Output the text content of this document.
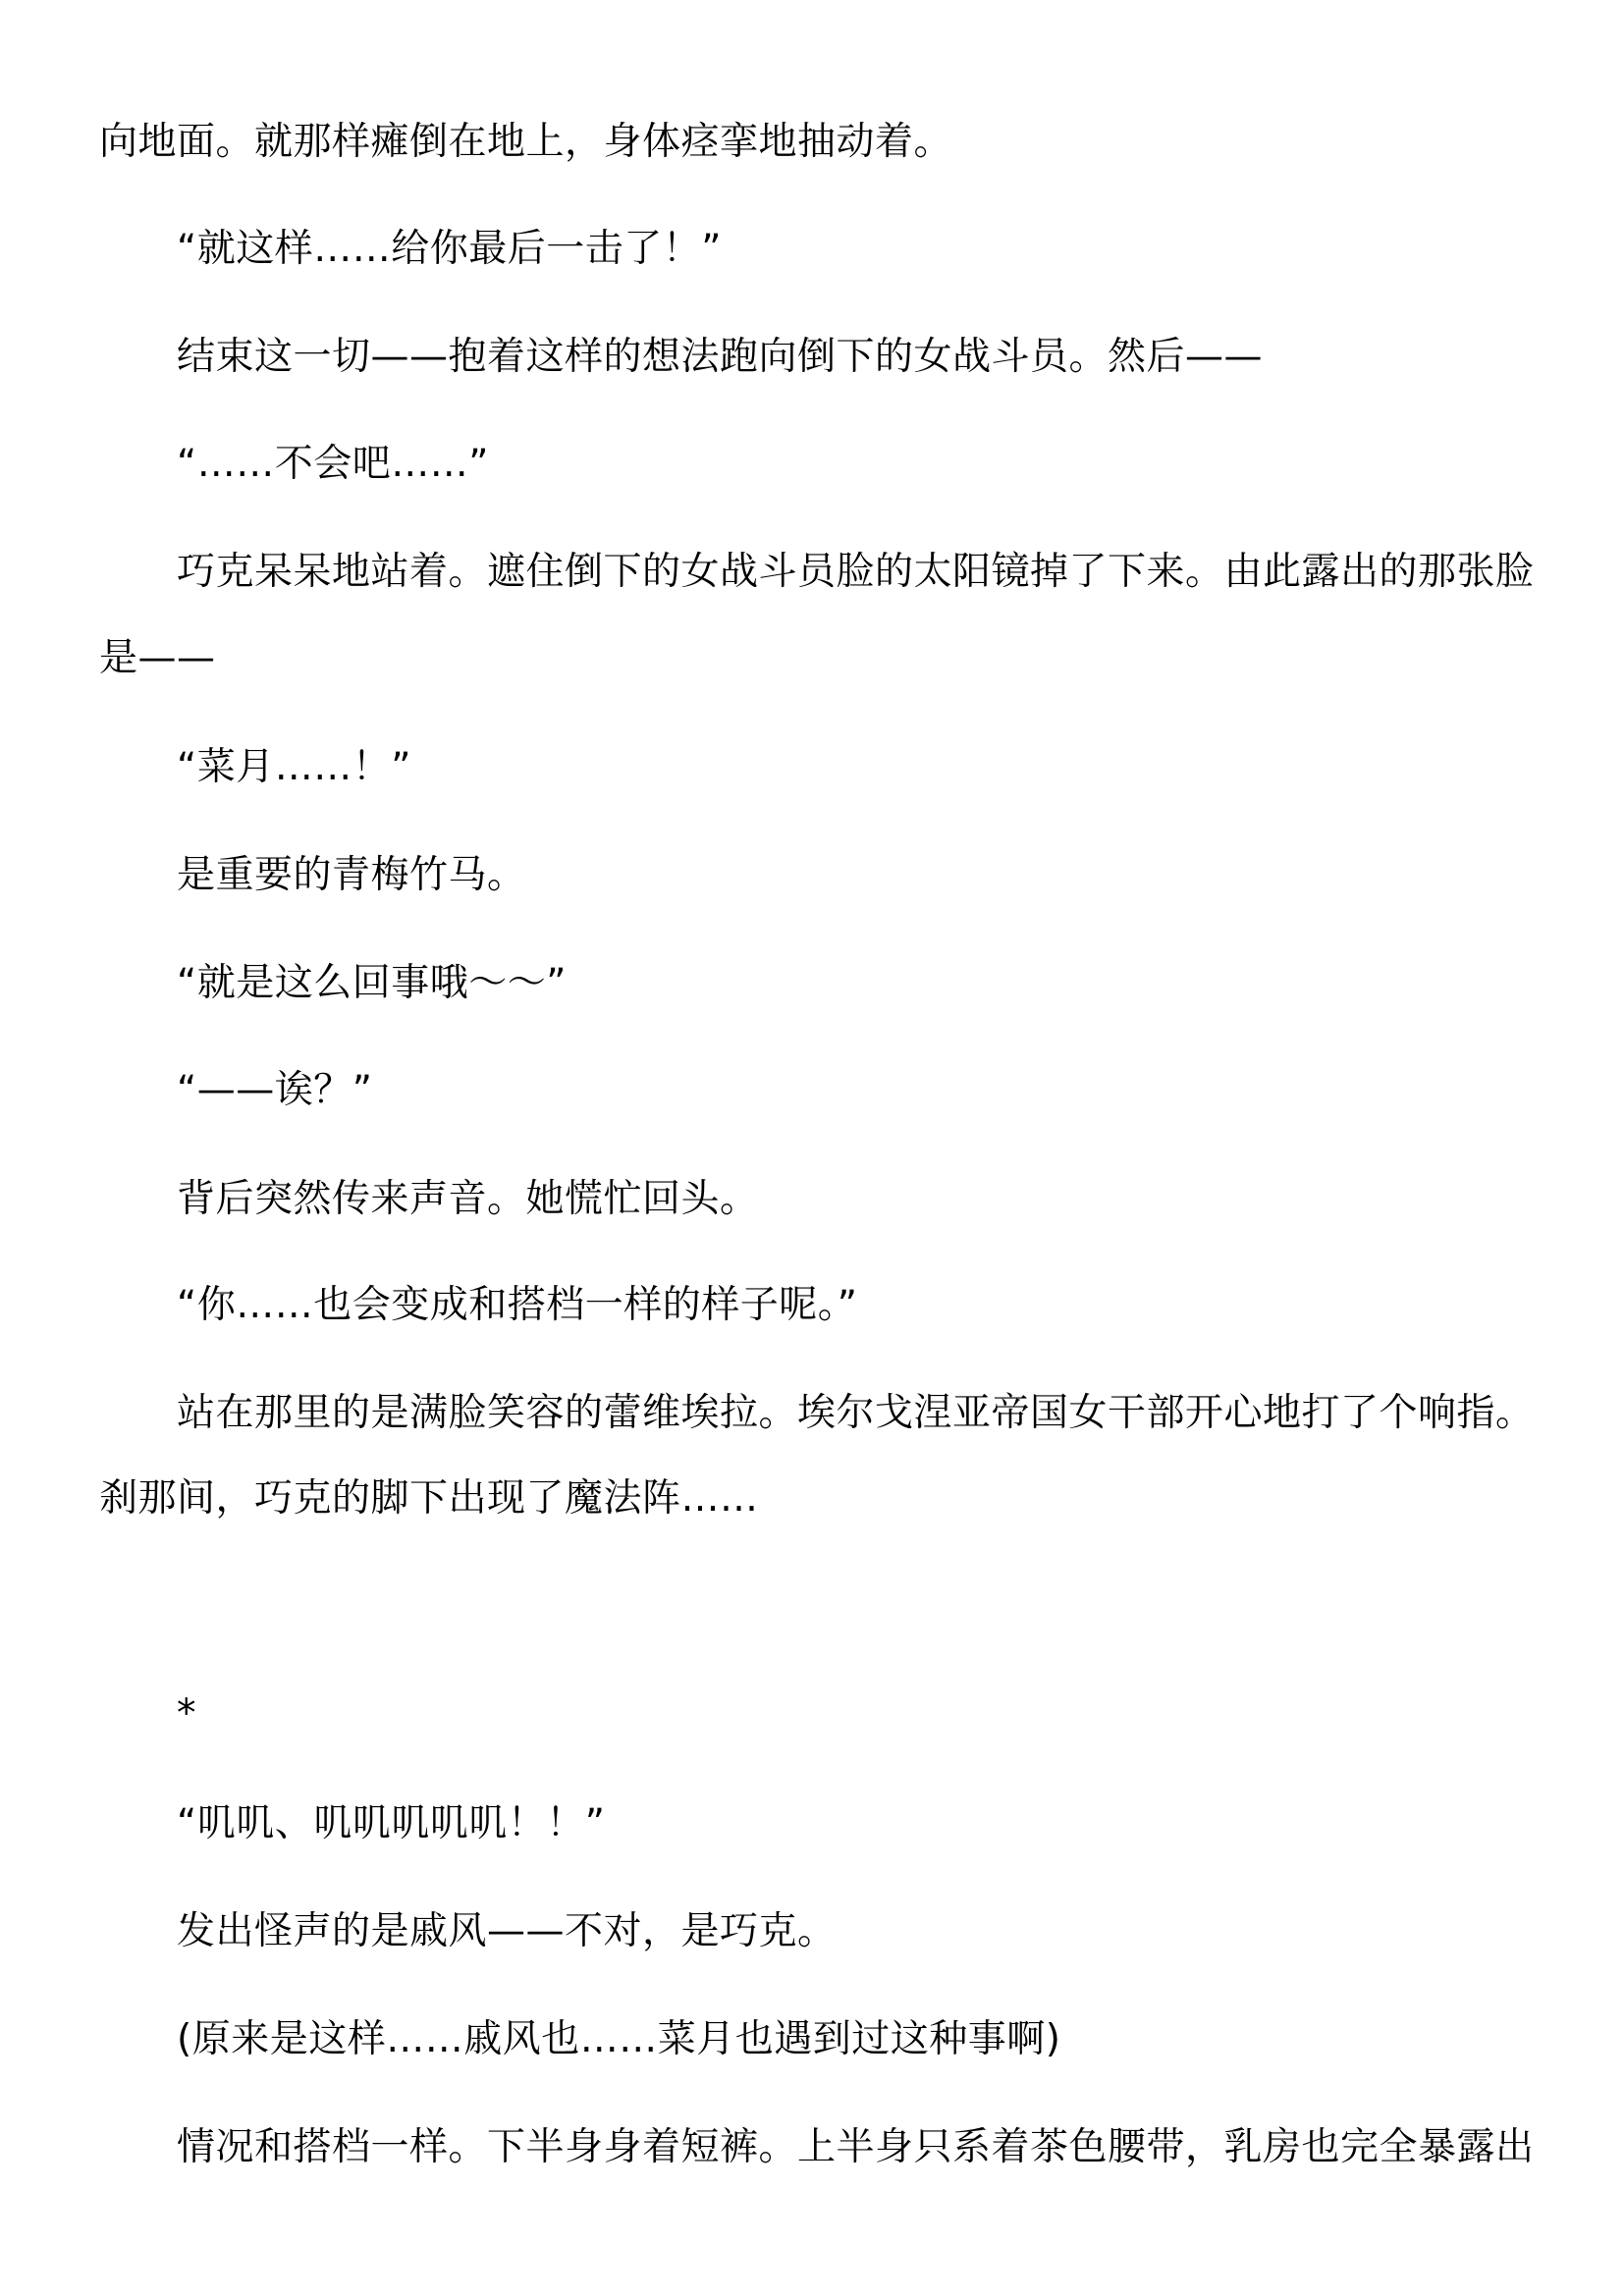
向地面。就那样瘫倒在地上，身体痉挛地抽动着。
“就这样……给你最后一击了！”
结束这一切——抱着这样的想法跑向倒下的女战斗员。然后——
“……不会吧……”
巧克呆呆地站着。遮住倒下的女战斗员脸的太阳镜掉了下来。由此露出的那张脸
是——
“菜月……！”
是重要的青梅竹马。
“就是这么回事哦～～”
“——诶？”
背后突然传来声音。她慌忙回头。
“你……也会变成和搭档一样的样子呢。”
站在那里的是满脸笑容的蕾维埃拉。埃尔戈涅亚帝国女干部开心地打了个响指。
刹那间，巧克的脚下出现了魔法阵……
*
“叽叽、叽叽叽叽叽！！”
发出怪声的是戚风——不对，是巧克。
(原来是这样……戚风也……菜月也遇到过这种事啊)
情况和搭档一样。下半身身着短裤。上半身只系着茶色腰带，乳房也完全暴露出
